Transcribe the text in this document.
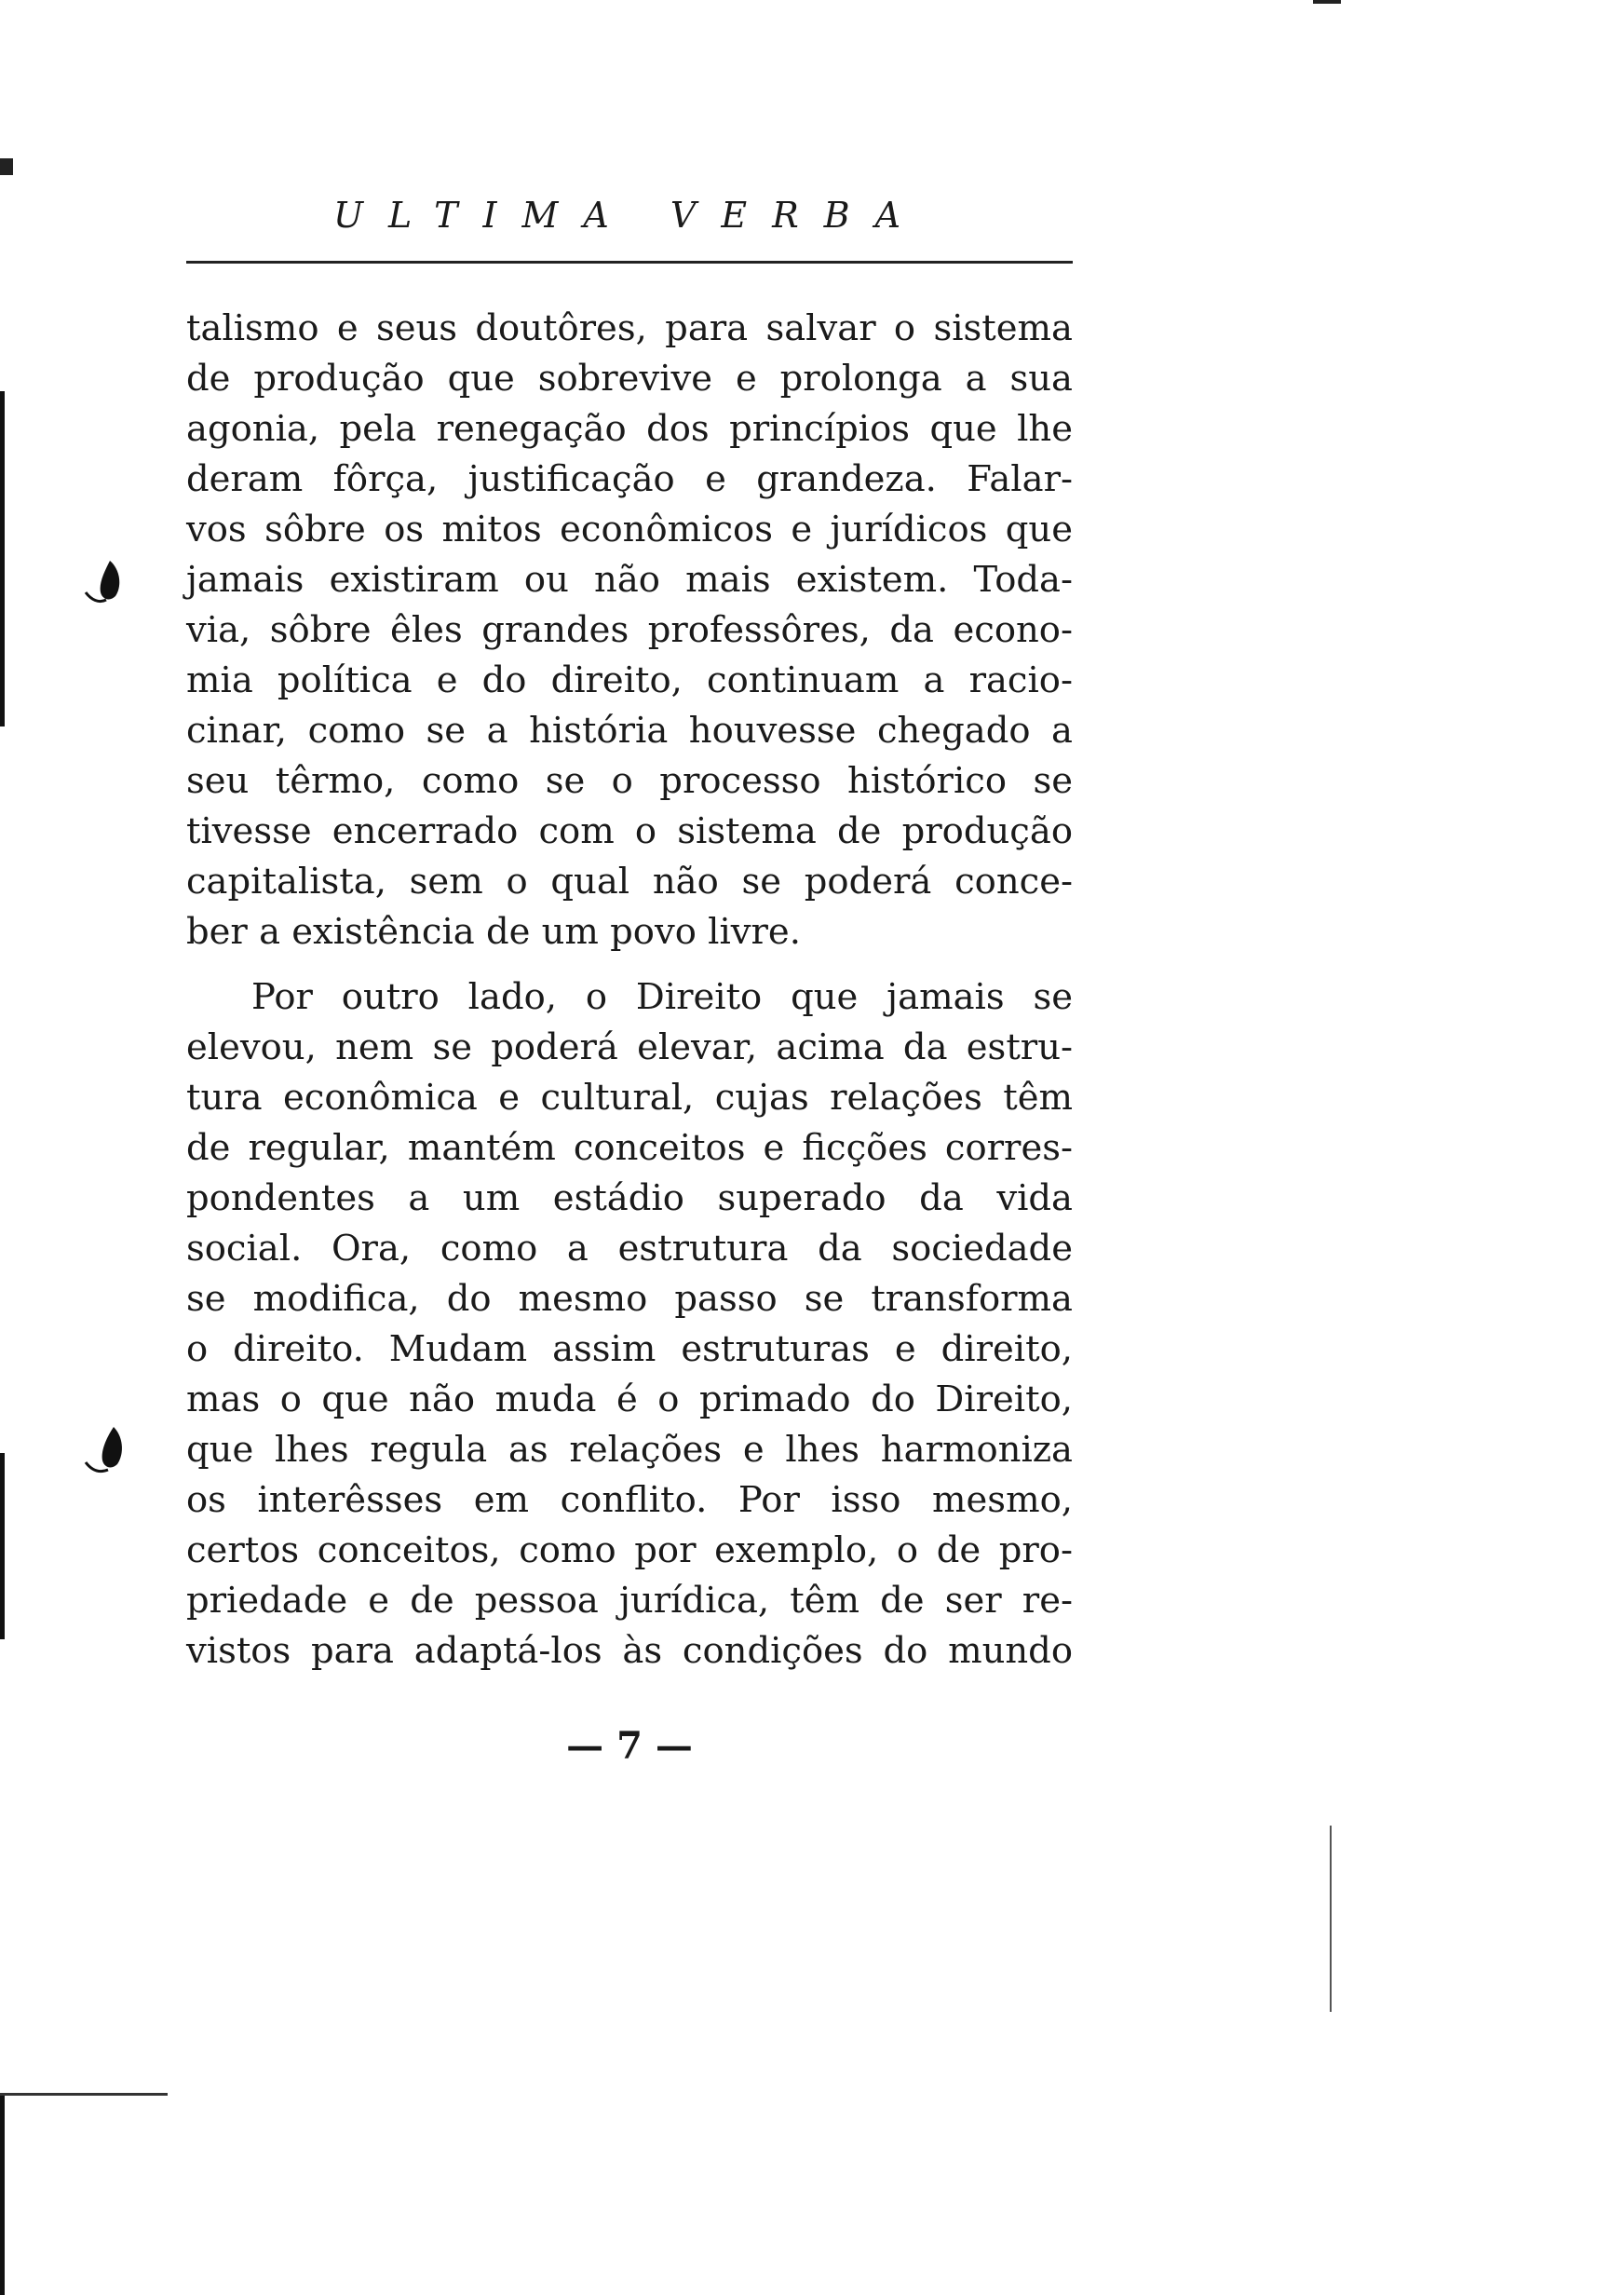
ULTIMA VERBA

talismo e seus doutôres, para salvar o sistema
de produção que sobrevive e prolonga a sua
agonia, pela renegação dos princípios que lhe
deram fôrça, justificação e grandeza. Falar-
vos sôbre os mitos econômicos e jurídicos que
jamais existiram ou não mais existem. Toda-
via, sôbre êles grandes professôres, da econo-
mia política e do direito, continuam a racio-
cinar, como se a história houvesse chegado a
seu têrmo, como se o processo histórico se
tivesse encerrado com o sistema de produção
capitalista, sem o qual não se poderá conce-
ber a existência de um povo livre.

Por outro lado, o Direito que jamais se
elevou, nem se poderá elevar, acima da estru-
tura econômica e cultural, cujas relações têm
de regular, mantém conceitos e ficções corres-
pondentes a um estádio superado da vida
social. Ora, como a estrutura da sociedade
se modifica, do mesmo passo se transforma
o direito. Mudam assim estruturas e direito,
mas o que não muda é o primado do Direito,
que lhes regula as relações e lhes harmoniza
os interêsses em conflito. Por isso mesmo,
certos conceitos, como por exemplo, o de pro-
priedade e de pessoa jurídica, têm de ser re-
vistos para adaptá-los às condições do mundo

— 7 —
